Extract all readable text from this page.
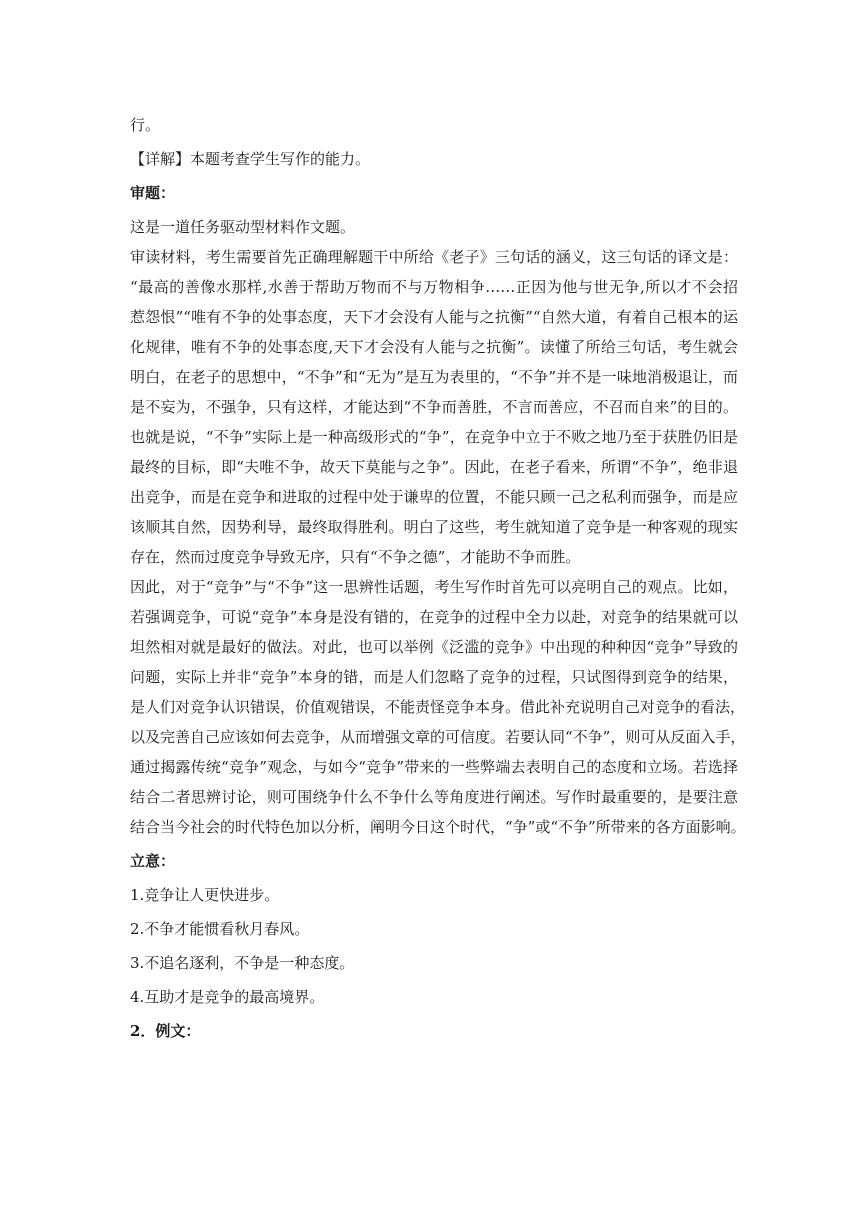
行。

【详解】本题考查学生写作的能力。

审题：

这是一道任务驱动型材料作文题。

审读材料，考生需要首先正确理解题干中所给《老子》三句话的涵义，这三句话的译文是：
“最高的善像水那样,水善于帮助万物而不与万物相争……正因为他与世无争,所以才不会招
惹怨恨”“唯有不争的处事态度，天下才会没有人能与之抗衡”“自然大道，有着自己根本的运
化规律，唯有不争的处事态度,天下才会没有人能与之抗衡”。读懂了所给三句话，考生就会
明白，在老子的思想中，“不争”和“无为”是互为表里的，“不争”并不是一味地消极退让，而
是不妄为，不强争，只有这样，才能达到“不争而善胜，不言而善应，不召而自来”的目的。
也就是说，“不争”实际上是一种高级形式的“争”，在竞争中立于不败之地乃至于获胜仍旧是
最终的目标，即“夫唯不争，故天下莫能与之争”。因此，在老子看来，所谓“不争”，绝非退
出竞争，而是在竞争和进取的过程中处于谦卑的位置，不能只顾一己之私利而强争，而是应
该顺其自然，因势利导，最终取得胜利。明白了这些，考生就知道了竞争是一种客观的现实
存在，然而过度竞争导致无序，只有“不争之德”，才能助不争而胜。
因此，对于“竞争”与“不争”这一思辨性话题，考生写作时首先可以亮明自己的观点。比如，
若强调竞争，可说“竞争”本身是没有错的，在竞争的过程中全力以赴，对竞争的结果就可以
坦然相对就是最好的做法。对此，也可以举例《泛滥的竞争》中出现的种种因“竞争”导致的
问题，实际上并非“竞争”本身的错，而是人们忽略了竞争的过程，只试图得到竞争的结果，
是人们对竞争认识错误，价值观错误，不能责怪竞争本身。借此补充说明自己对竞争的看法，
以及完善自己应该如何去竞争，从而增强文章的可信度。若要认同“不争”，则可从反面入手，
通过揭露传统“竞争”观念，与如今“竞争”带来的一些弊端去表明自己的态度和立场。若选择
结合二者思辨讨论，则可围绕争什么不争什么等角度进行阐述。写作时最重要的，是要注意
结合当今社会的时代特色加以分析，阐明今日这个时代，“争”或“不争”所带来的各方面影响。

立意：

1.竞争让人更快进步。

2.不争才能惯看秋月春风。

3.不追名逐利，不争是一种态度。

4.互助才是竞争的最高境界。

2．例文：
